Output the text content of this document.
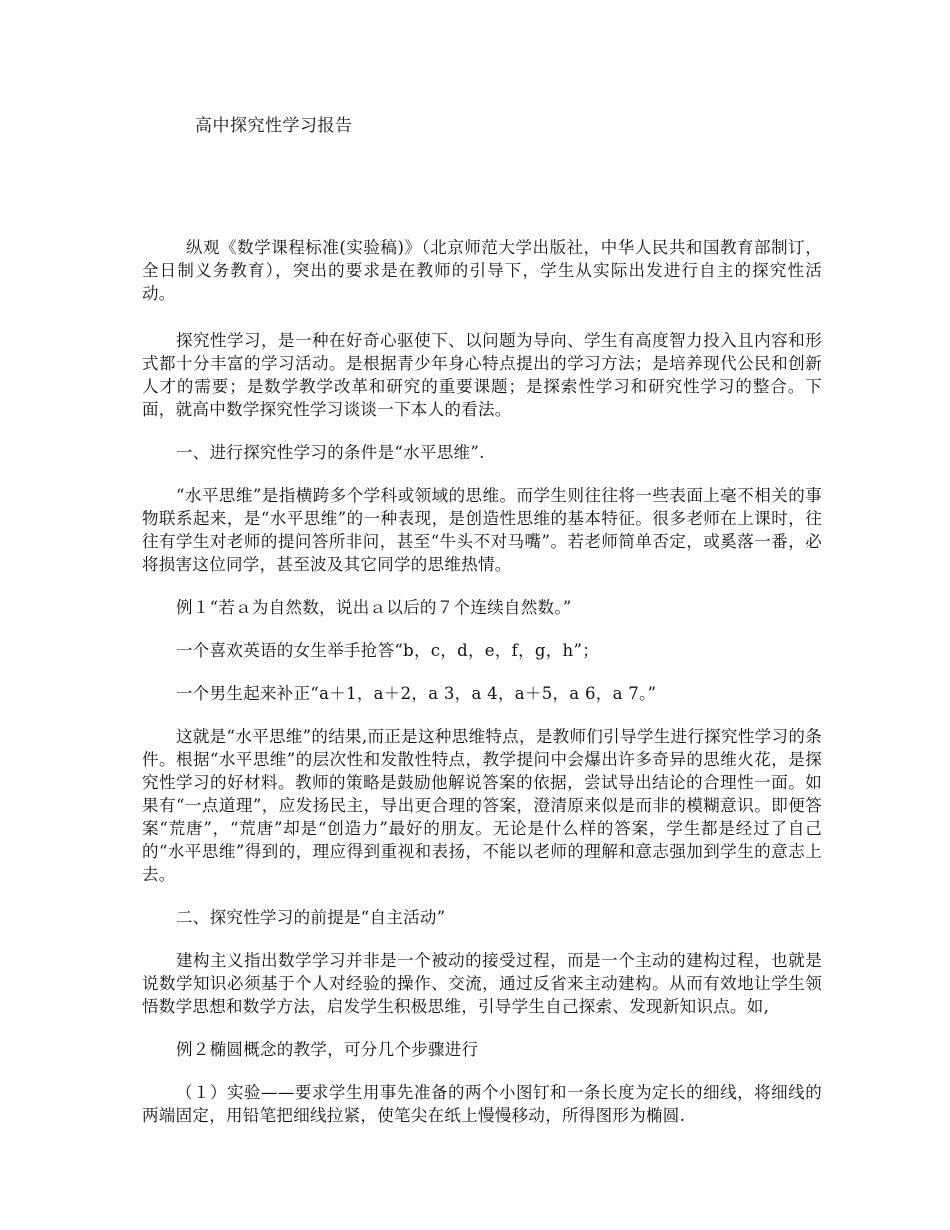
高中探究性学习报告

纵观《数学课程标准(实验稿)》（北京师范大学出版社，中华人民共和国教育部制订，全日制义务教育），突出的要求是在教师的引导下，学生从实际出发进行自主的探究性活动。

探究性学习，是一种在好奇心驱使下、以问题为导向、学生有高度智力投入且内容和形式都十分丰富的学习活动。是根据青少年身心特点提出的学习方法；是培养现代公民和创新人才的需要；是数学教学改革和研究的重要课题；是探索性学习和研究性学习的整合。下面，就高中数学探究性学习谈谈一下本人的看法。

一、进行探究性学习的条件是“水平思维”.

“水平思维”是指横跨多个学科或领域的思维。而学生则往往将一些表面上毫不相关的事物联系起来，是“水平思维”的一种表现，是创造性思维的基本特征。很多老师在上课时，往往有学生对老师的提问答所非问，甚至“牛头不对马嘴”。若老师简单否定，或奚落一番，必将损害这位同学，甚至波及其它同学的思维热情。

例１“若ａ为自然数，说出ａ以后的７个连续自然数。”

一个喜欢英语的女生举手抢答“b，c，d，e，f，g，h”；

一个男生起来补正“a＋1，a＋2，a 3，a 4，a＋5，a 6，a 7。”

这就是“水平思维”的结果,而正是这种思维特点，是教师们引导学生进行探究性学习的条件。根据“水平思维”的层次性和发散性特点，教学提问中会爆出许多奇异的思维火花，是探究性学习的好材料。教师的策略是鼓励他解说答案的依据，尝试导出结论的合理性一面。如果有“一点道理”，应发扬民主，导出更合理的答案，澄清原来似是而非的模糊意识。即便答案“荒唐”，“荒唐”却是“创造力”最好的朋友。无论是什么样的答案，学生都是经过了自己的“水平思维”得到的，理应得到重视和表扬，不能以老师的理解和意志强加到学生的意志上去。

二、探究性学习的前提是“自主活动”

建构主义指出数学学习并非是一个被动的接受过程，而是一个主动的建构过程，也就是说数学知识必须基于个人对经验的操作、交流，通过反省来主动建构。从而有效地让学生领悟数学思想和数学方法，启发学生积极思维，引导学生自己探索、发现新知识点。如,

例２椭圆概念的教学，可分几个步骤进行

（１）实验——要求学生用事先准备的两个小图钉和一条长度为定长的细线，将细线的两端固定，用铅笔把细线拉紧，使笔尖在纸上慢慢移动，所得图形为椭圆.
